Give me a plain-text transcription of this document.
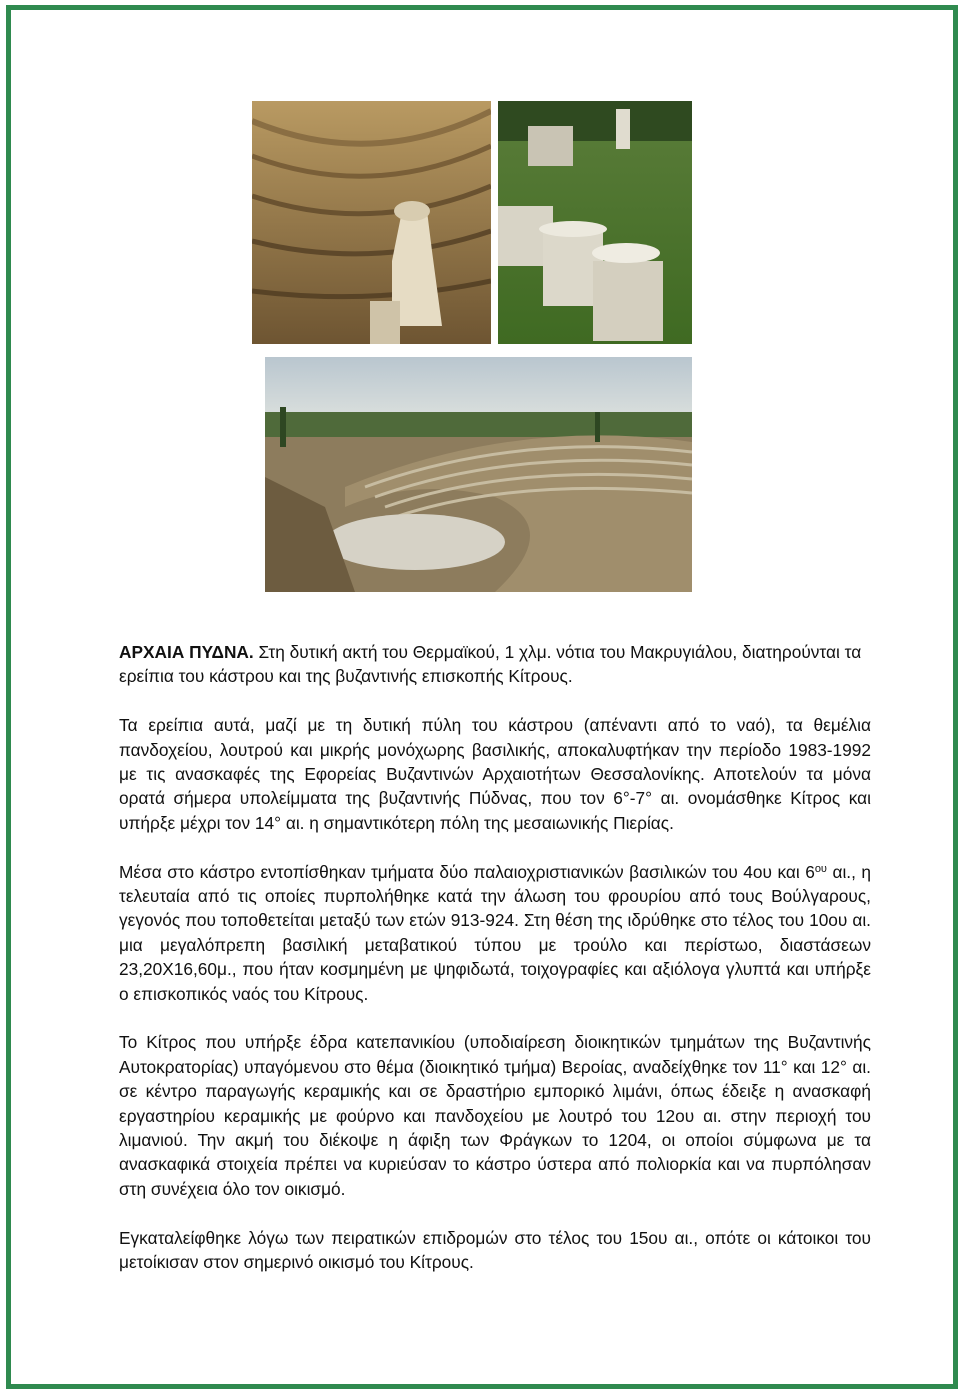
ΑΡΧΑΙΑ ΠΥΔΝΑ. Στη δυτική ακτή του Θερμαϊκού, 1 χλμ. νότια του Μακρυγιάλου, διατηρούνται τα ερείπια του κάστρου και της βυζαντινής επισκοπής Κίτρους.

Τα ερείπια αυτά, μαζί με τη δυτική πύλη του κάστρου (απέναντι από το ναό), τα θεμέλια πανδοχείου, λουτρού και μικρής μονόχωρης βασιλικής, αποκαλυφτήκαν την περίοδο 1983-1992 με τις ανασκαφές της Εφορείας Βυζαντινών Αρχαιοτήτων Θεσσαλονίκης. Αποτελούν τα μόνα ορατά σήμερα υπολείμματα της βυζαντινής Πύδνας, που τον 6°-7° αι. ονομάσθηκε Κίτρος και υπήρξε μέχρι τον 14° αι. η σημαντικότερη πόλη της μεσαιωνικής Πιερίας.

Μέσα στο κάστρο εντοπίσθηκαν τμήματα δύο παλαιοχριστιανικών βασιλικών του 4ου και $6^{o\upsilon}$ αι., η τελευταία από τις οποίες πυρπολήθηκε κατά την άλωση του φρουρίου από τους Βούλγαρους, γεγονός που τοποθετείται μεταξύ των ετών 913-924. Στη θέση της ιδρύθηκε στο τέλος του 10ου αι. μια μεγαλόπρεπη βασιλική μεταβατικού τύπου με τρούλο και περίστωο, διαστάσεων 23,20Χ16,60μ., που ήταν κοσμημένη με ψηφιδωτά, τοιχογραφίες και αξιόλογα γλυπτά και υπήρξε ο επισκοπικός ναός του Κίτρους.

Το Κίτρος που υπήρξε έδρα κατεπανικίου (υποδιαίρεση διοικητικών τμημάτων της Βυζαντινής Αυτοκρατορίας) υπαγόμενου στο θέμα (διοικητικό τμήμα) Βεροίας, αναδείχθηκε τον 11° και 12° αι. σε κέντρο παραγωγής κεραμικής και σε δραστήριο εμπορικό λιμάνι, όπως έδειξε η ανασκαφή εργαστηρίου κεραμικής με φούρνο και πανδοχείου με λουτρό του 12ου αι. στην περιοχή του λιμανιού. Την ακμή του διέκοψε η άφιξη των Φράγκων το 1204, οι οποίοι σύμφωνα με τα ανασκαφικά στοιχεία πρέπει να κυριεύσαν το κάστρο ύστερα από πολιορκία και να πυρπόλησαν στη συνέχεια όλο τον οικισμό.

Εγκαταλείφθηκε λόγω των πειρατικών επιδρομών στο τέλος του 15ου αι., οπότε οι κάτοικοι του μετοίκισαν στον σημερινό οικισμό του Κίτρους.
